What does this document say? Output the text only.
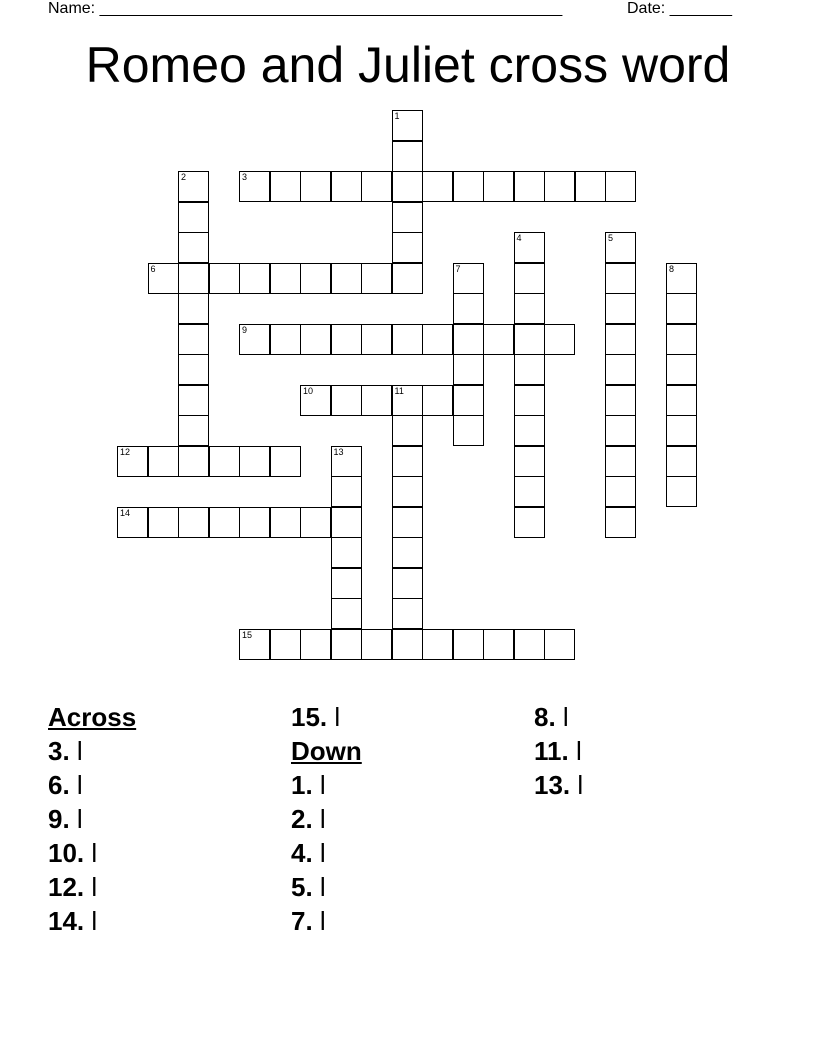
Name: ____________________________________________________	Date: _______
Romeo and Juliet cross word
1
2	3
4	5
6	7	8
9
10	11
12	13
14
15
Across
3. l
6. l
9. l
10. l
12. l
14. l
15. l
Down
1. l
2. l
4. l
5. l
7. l
8. l
11. l
13. l
